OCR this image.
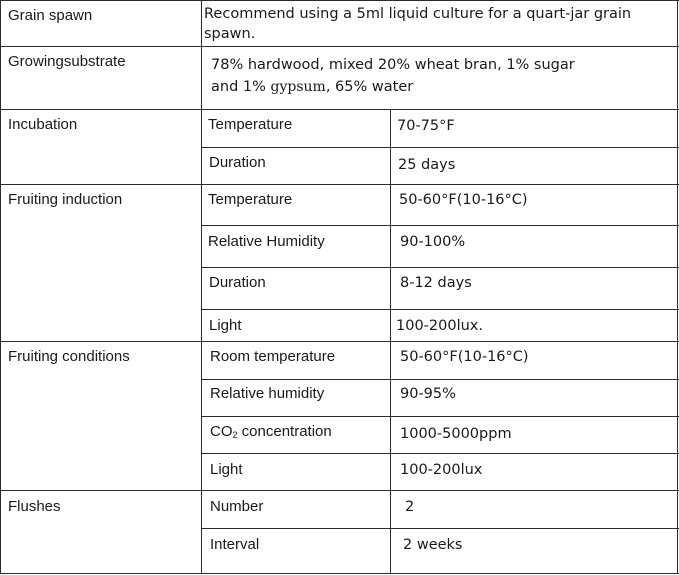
Grain spawn	Recommend using a 5ml liquid culture for a quart-jar grain spawn.
Growingsubstrate	78% hardwood, mixed 20% wheat bran, 1% sugar
and 1% gypsum, 65% water
Incubation	Temperature	70-75°F
Duration	25 days
Fruiting induction	Temperature	50-60°F(10-16°C)
Relative Humidity	90-100%
Duration	8-12 days
Light	100-200lux.
Fruiting conditions	Room temperature	50-60°F(10-16°C)
Relative humidity	90-95%
$CO_2$ concentration	1000-5000ppm
Light	100-200lux
Flushes	Number	2
Interval	2 weeks
